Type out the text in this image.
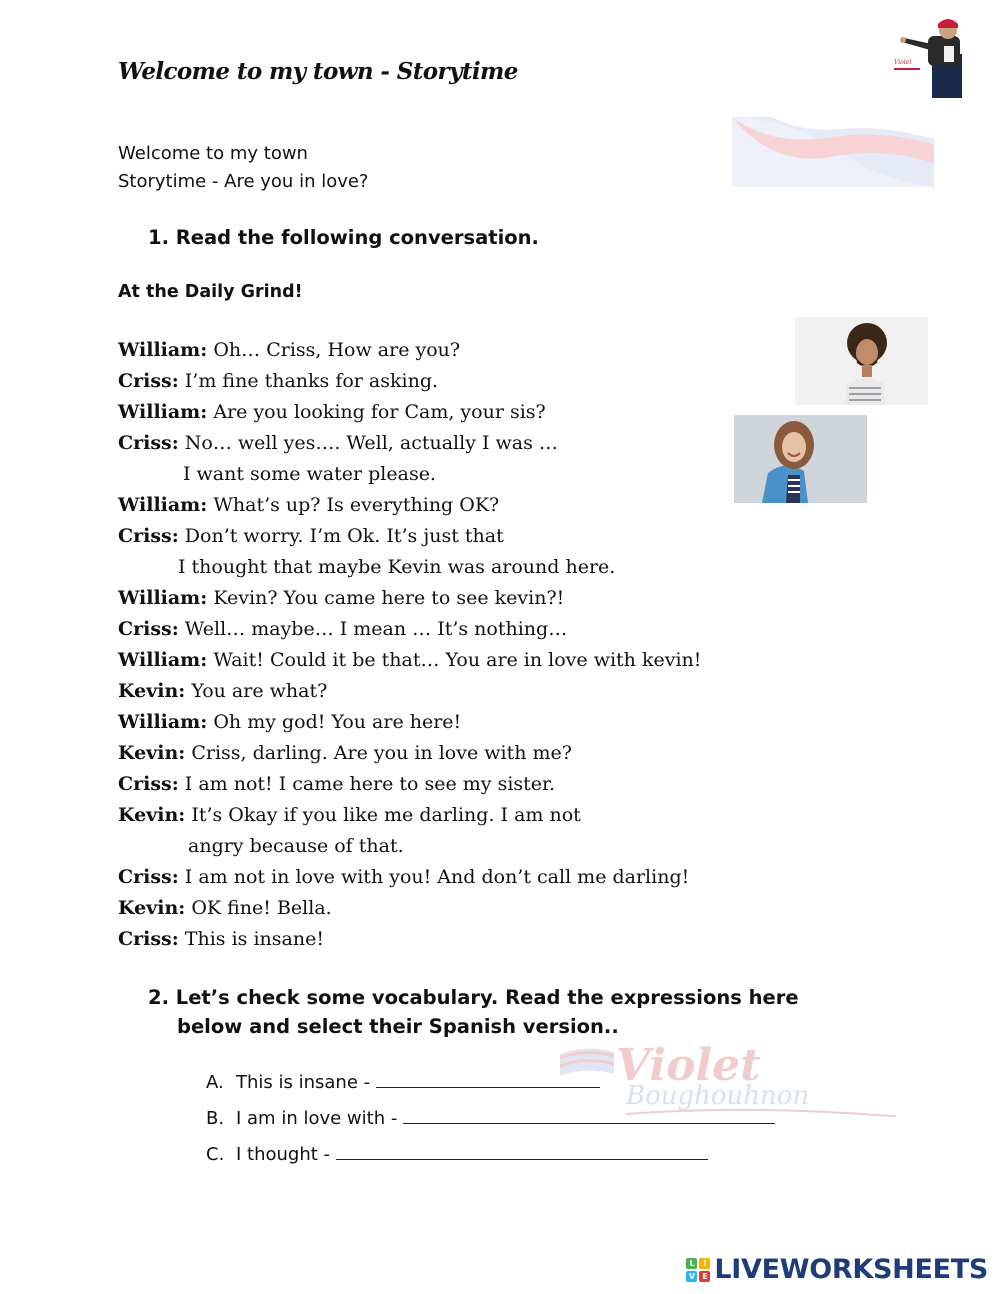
Welcome to my town - Storytime	Violet
Welcome to my town
Storytime - Are you in love?
1. Read the following conversation.
At the Daily Grind!
William: Oh… Criss, How are you?
Criss: I’m fine thanks for asking.
William: Are you looking for Cam, your sis?
Criss: No… well yes…. Well, actually I was …
I want some water please.
William: What’s up? Is everything OK?
Criss: Don’t worry. I’m Ok. It’s just that
I thought that maybe Kevin was around here.
William: Kevin? You came here to see kevin?!
Criss: Well… maybe… I mean … It’s nothing…
William: Wait! Could it be that… You are in love with kevin!
Kevin: You are what?
William: Oh my god! You are here!
Kevin: Criss, darling. Are you in love with me?
Criss: I am not! I came here to see my sister.
Kevin: It’s Okay if you like me darling. I am not
angry because of that.
Criss: I am not in love with you! And don’t call me darling!
Kevin: OK fine! Bella.
Criss: This is insane!
2. Let’s check some vocabulary. Read the expressions here
below and select their Spanish version..
Violet
Boughouhnon
A. This is insane -
B. I am in love with -
C. I thought -
L	I
V E LIVEWORKSHEETS
